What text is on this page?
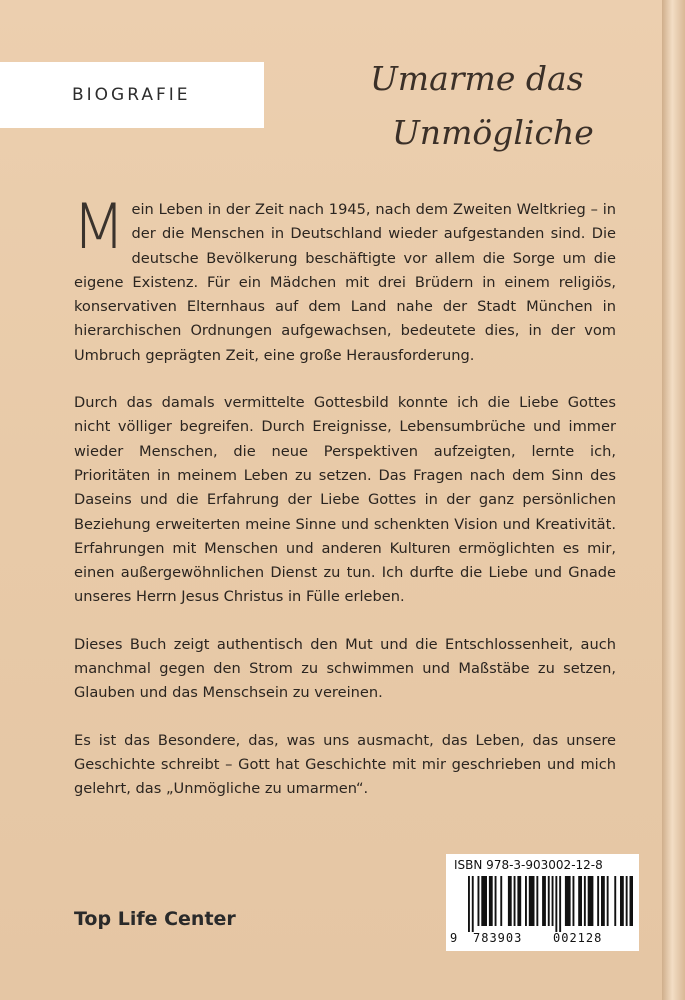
BIOGRAFIE	Umarme das
Unmögliche

Mein Leben in der Zeit nach 1945, nach dem Zweiten Weltkrieg – in der die Menschen in Deutschland wieder aufgestanden sind. Die deutsche Bevölkerung beschäftigte vor allem die Sorge um die eigene Existenz. Für ein Mädchen mit drei Brüdern in einem religiös, konservativen Elternhaus auf dem Land nahe der Stadt München in hierarchischen Ordnungen aufgewachsen, bedeutete dies, in der vom Umbruch geprägten Zeit, eine große Herausforderung.

Durch das damals vermittelte Gottesbild konnte ich die Liebe Gottes nicht völliger begreifen. Durch Ereignisse, Lebensumbrüche und immer wieder Menschen, die neue Perspektiven aufzeigten, lernte ich, Prioritäten in meinem Leben zu setzen. Das Fragen nach dem Sinn des Daseins und die Erfahrung der Liebe Gottes in der ganz persönlichen Beziehung erweiterten meine Sinne und schenkten Vision und Kreativität. Erfahrungen mit Menschen und anderen Kulturen ermöglichten es mir, einen außergewöhnlichen Dienst zu tun. Ich durfte die Liebe und Gnade unseres Herrn Jesus Christus in Fülle erleben.

Dieses Buch zeigt authentisch den Mut und die Entschlossenheit, auch manchmal gegen den Strom zu schwimmen und Maßstäbe zu setzen, Glauben und das Menschsein zu vereinen.

Es ist das Besondere, das, was uns ausmacht, das Leben, das unsere Geschichte schreibt – Gott hat Geschichte mit mir geschrieben und mich gelehrt, das „Unmögliche zu umarmen“.

Top Life Center
ISBN 978-3-903002-12-8
9 783903	002128
